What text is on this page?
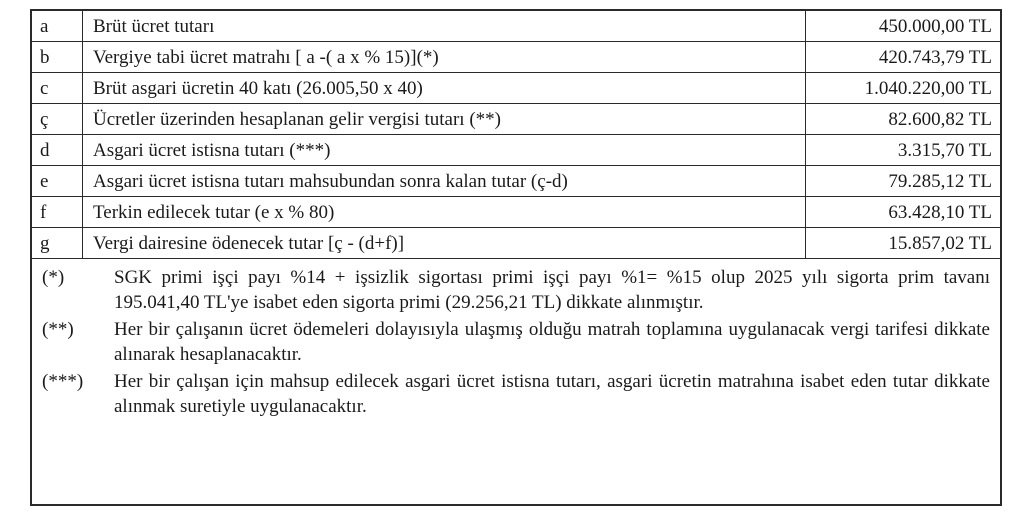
a	Brüt ücret tutarı	450.000,00 TL
b	Vergiye tabi ücret matrahı [ a -( a x % 15)](*)	420.743,79 TL
c	Brüt asgari ücretin 40 katı (26.005,50 x 40)	1.040.220,00 TL
ç	Ücretler üzerinden hesaplanan gelir vergisi tutarı (**)	82.600,82 TL
d	Asgari ücret istisna tutarı (***)	3.315,70 TL
e	Asgari ücret istisna tutarı mahsubundan sonra kalan tutar (ç-d)	79.285,12 TL
f	Terkin edilecek tutar (e x % 80)	63.428,10 TL
g	Vergi dairesine ödenecek tutar [ç - (d+f)]	15.857,02 TL
(*)	SGK primi işçi payı %14 + işsizlik sigortası primi işçi payı %1= %15 olup 2025 yılı sigorta prim tavanı 195.041,40 TL'ye isabet eden sigorta primi (29.256,21 TL) dikkate alınmıştır.
(**)	Her bir çalışanın ücret ödemeleri dolayısıyla ulaşmış olduğu matrah toplamına uygulanacak vergi tarifesi dikkate alınarak hesaplanacaktır.
(***)	Her bir çalışan için mahsup edilecek asgari ücret istisna tutarı, asgari ücretin matrahına isabet eden tutar dikkate alınmak suretiyle uygulanacaktır.
